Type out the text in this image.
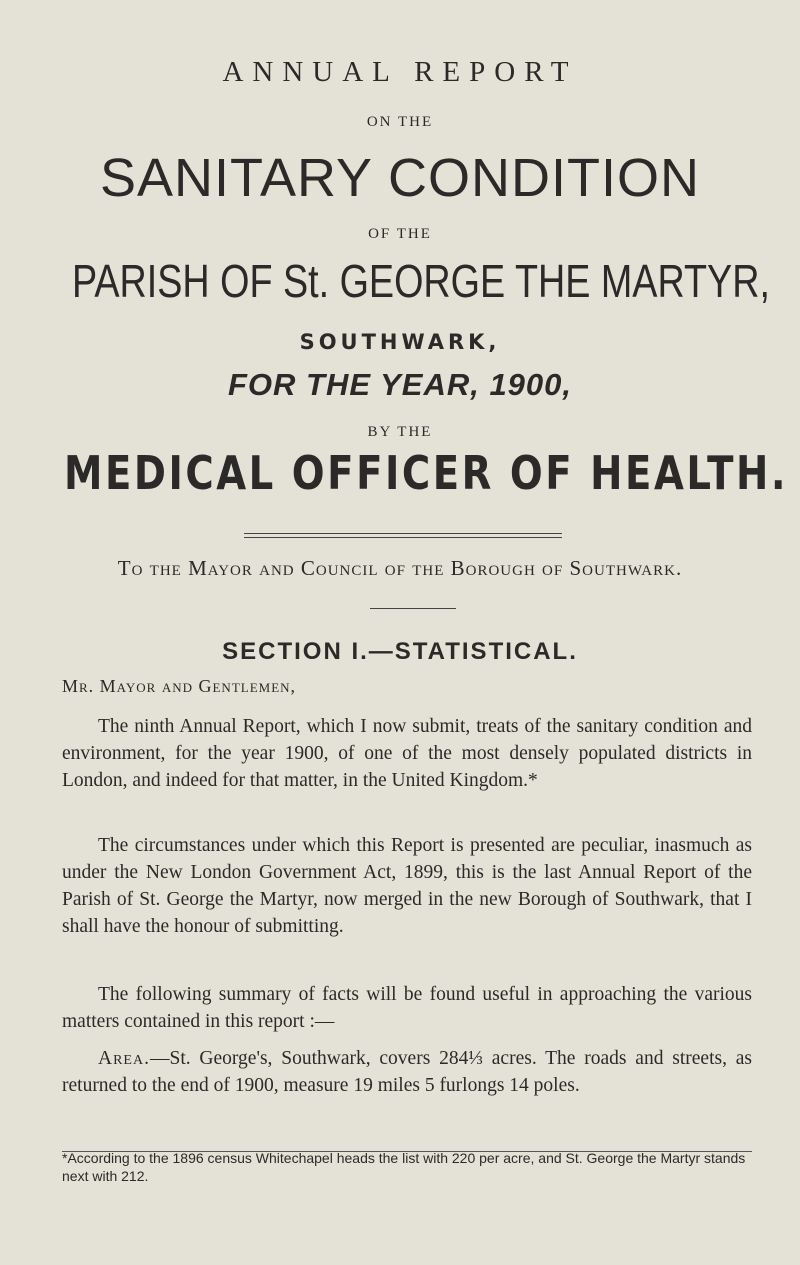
ANNUAL REPORT
ON THE
SANITARY CONDITION
OF THE
PARISH OF St. GEORGE THE MARTYR,
SOUTHWARK,
FOR THE YEAR, 1900,
BY THE
MEDICAL OFFICER OF HEALTH.
To the Mayor and Council of the Borough of Southwark.
SECTION I.—STATISTICAL.
Mr. Mayor and Gentlemen,
The ninth Annual Report, which I now submit, treats of the sanitary condition and environment, for the year 1900, of one of the most densely populated districts in London, and indeed for that matter, in the United Kingdom.*
The circumstances under which this Report is presented are peculiar, inasmuch as under the New London Government Act, 1899, this is the last Annual Report of the Parish of St. George the Martyr, now merged in the new Borough of Southwark, that I shall have the honour of submitting.
The following summary of facts will be found useful in approaching the various matters contained in this report :—
Area.—St. George's, Southwark, covers 284⅓ acres. The roads and streets, as returned to the end of 1900, measure 19 miles 5 furlongs 14 poles.
*According to the 1896 census Whitechapel heads the list with 220 per acre, and St. George the Martyr stands next with 212.
